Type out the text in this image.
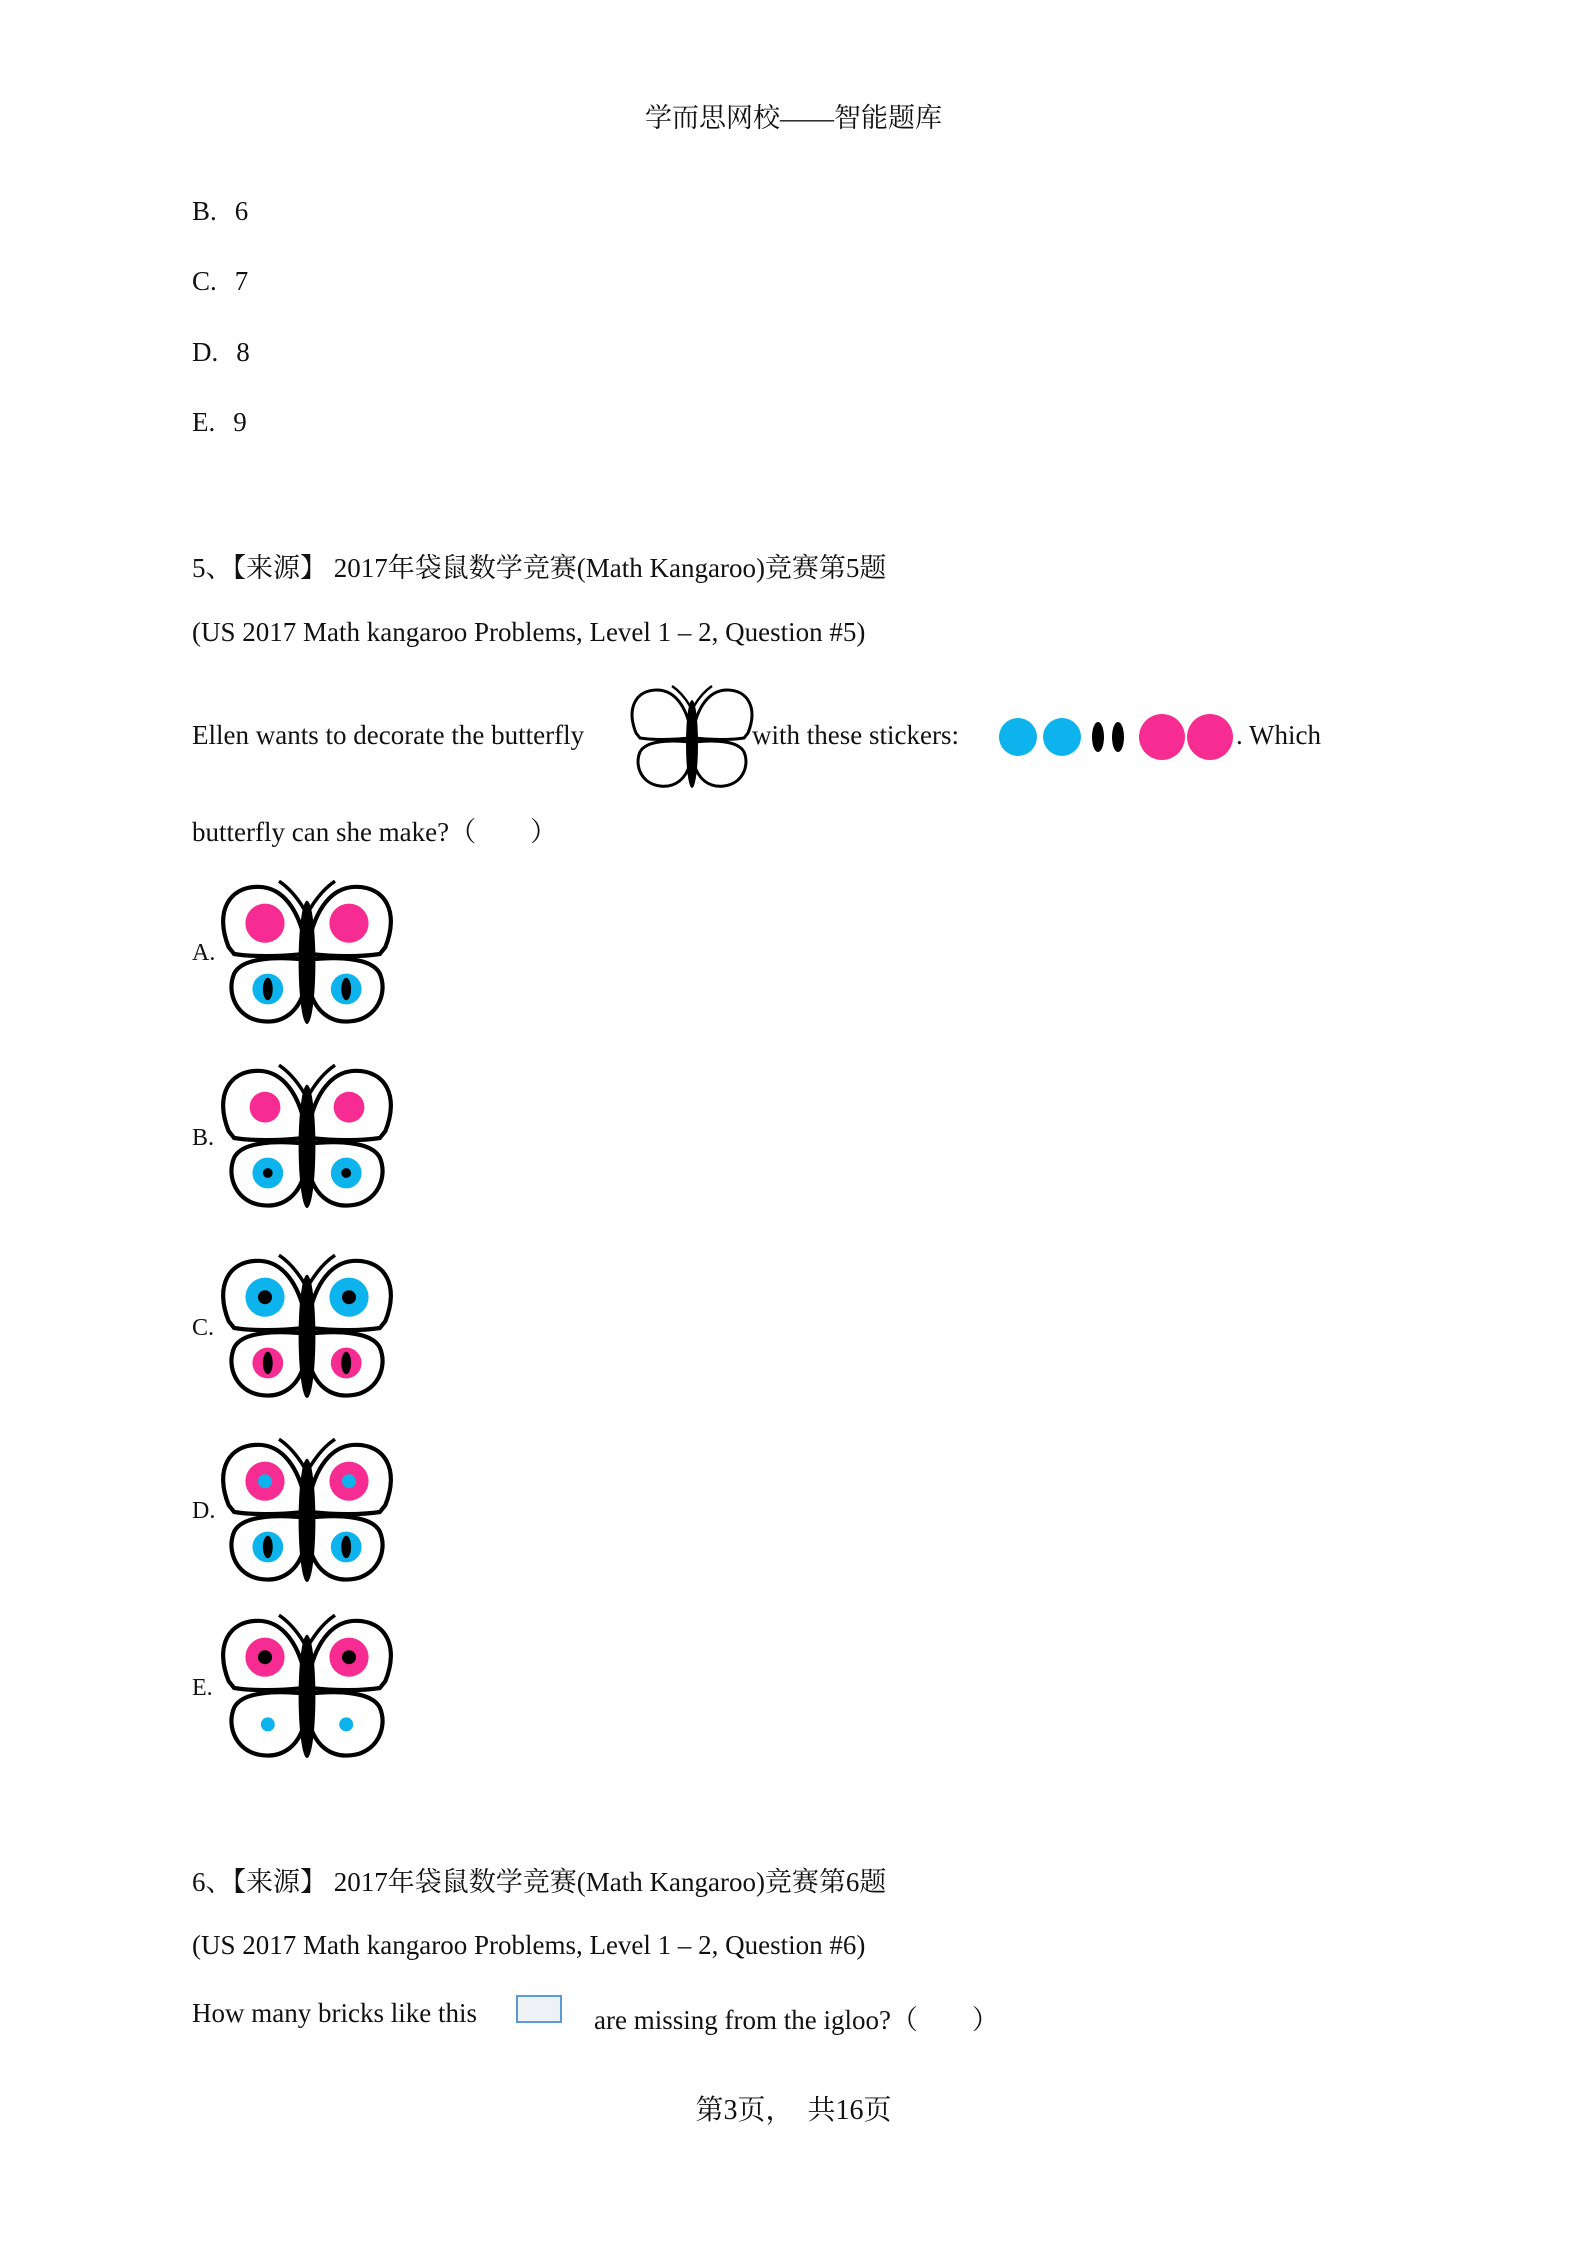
学而思网校——智能题库
B. 6
C. 7
D. 8
E. 9
5、【来源】 2017年袋鼠数学竞赛(Math Kangaroo)竞赛第5题
(US 2017 Math kangaroo Problems, Level 1 – 2, Question #5)
Ellen wants to decorate the butterfly	with these stickers:	. Which
butterfly can she make?（　　）
A.
B.
C.
D.
E.
6、【来源】 2017年袋鼠数学竞赛(Math Kangaroo)竞赛第6题
(US 2017 Math kangaroo Problems, Level 1 – 2, Question #6)
How many bricks like this	are missing from the igloo?（　　）
第3页，　共16页
